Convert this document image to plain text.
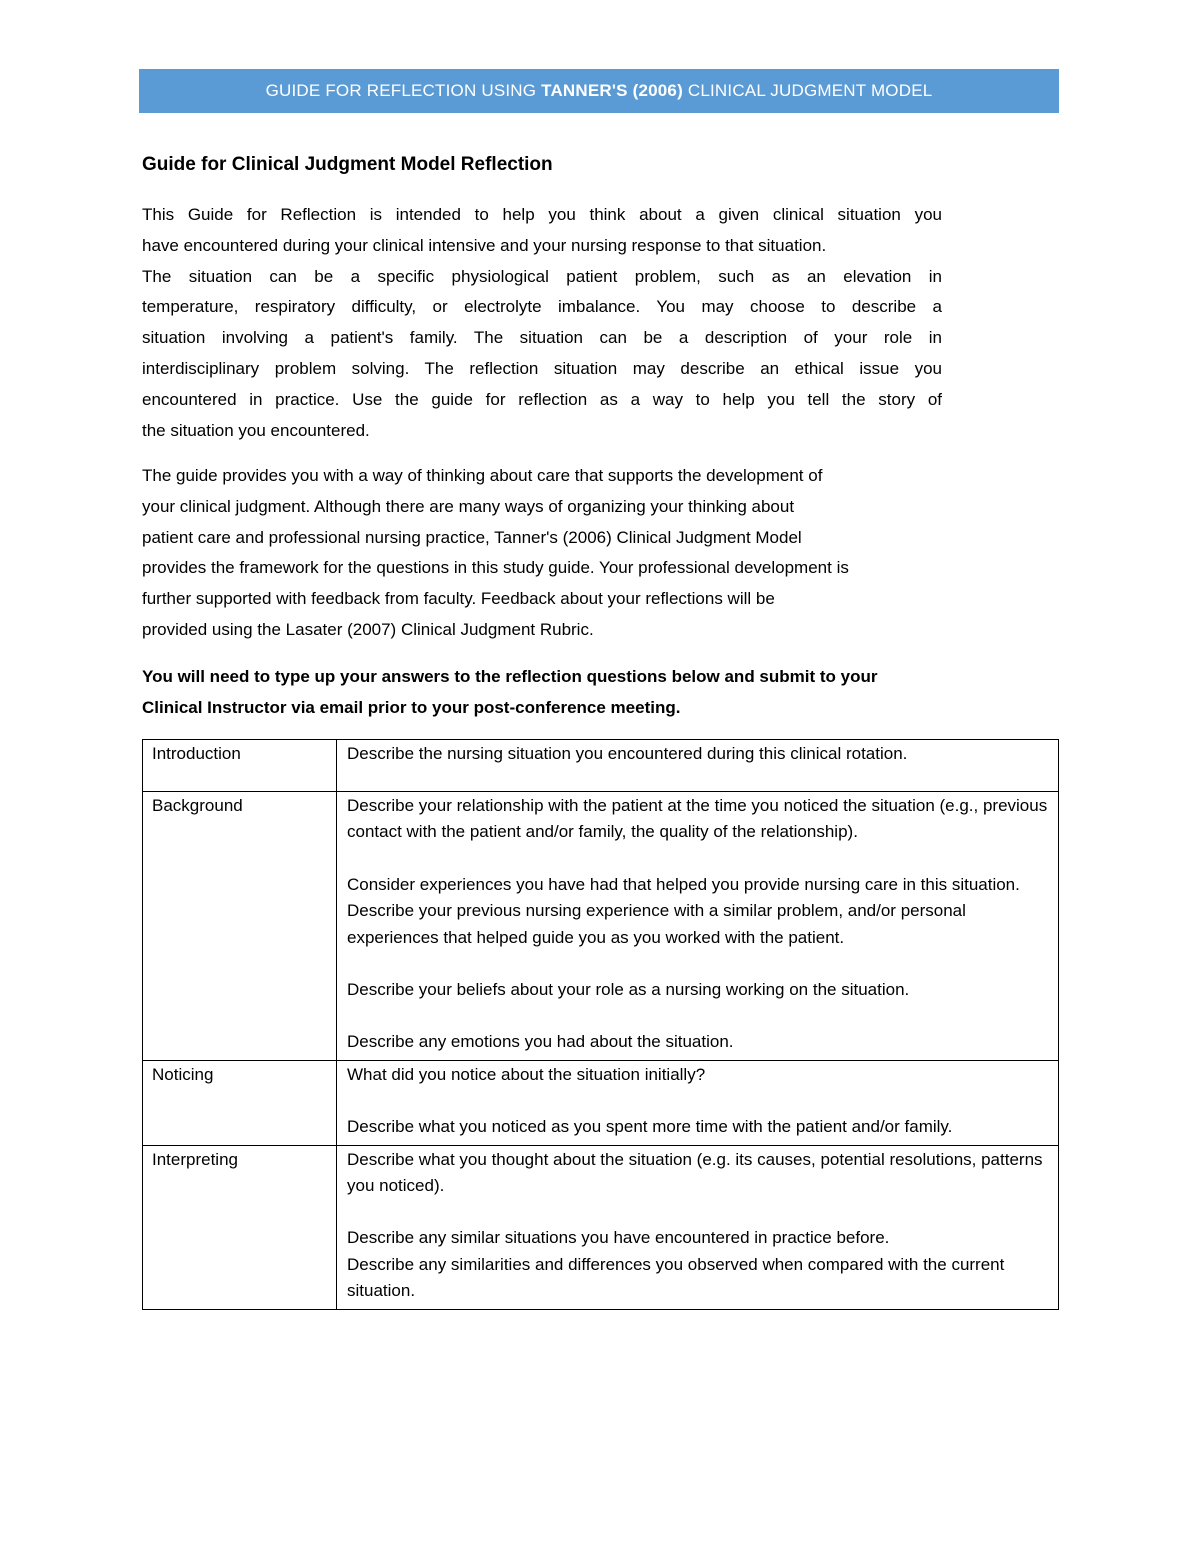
GUIDE FOR REFLECTION USING TANNER'S (2006) CLINICAL JUDGMENT MODEL
Guide for Clinical Judgment Model Reflection
This Guide for Reflection is intended to help you think about a given clinical situation you
have encountered during your clinical intensive and your nursing response to that situation.
The situation can be a specific physiological patient problem, such as an elevation in
temperature, respiratory difficulty, or electrolyte imbalance. You may choose to describe a
situation involving a patient's family. The situation can be a description of your role in
interdisciplinary problem solving. The reflection situation may describe an ethical issue you
encountered in practice. Use the guide for reflection as a way to help you tell the story of
the situation you encountered.
The guide provides you with a way of thinking about care that supports the development of
your clinical judgment. Although there are many ways of organizing your thinking about
patient care and professional nursing practice, Tanner's (2006) Clinical Judgment Model
provides the framework for the questions in this study guide. Your professional development is
further supported with feedback from faculty. Feedback about your reflections will be
provided using the Lasater (2007) Clinical Judgment Rubric.
You will need to type up your answers to the reflection questions below and submit to your
Clinical Instructor via email prior to your post-conference meeting.
Introduction	Describe the nursing situation you encountered during this clinical rotation.

Background	Describe your relationship with the patient at the time you noticed the situation (e.g., previous contact with the patient and/or family, the quality of the relationship).

Consider experiences you have had that helped you provide nursing care in this situation. Describe your previous nursing experience with a similar problem, and/or personal experiences that helped guide you as you worked with the patient.

Describe your beliefs about your role as a nursing working on the situation.

Describe any emotions you had about the situation.

Noticing	What did you notice about the situation initially?

Describe what you noticed as you spent more time with the patient and/or family.

Interpreting	Describe what you thought about the situation (e.g. its causes, potential resolutions, patterns you noticed).

Describe any similar situations you have encountered in practice before.

Describe any similarities and differences you observed when compared with the current situation.
